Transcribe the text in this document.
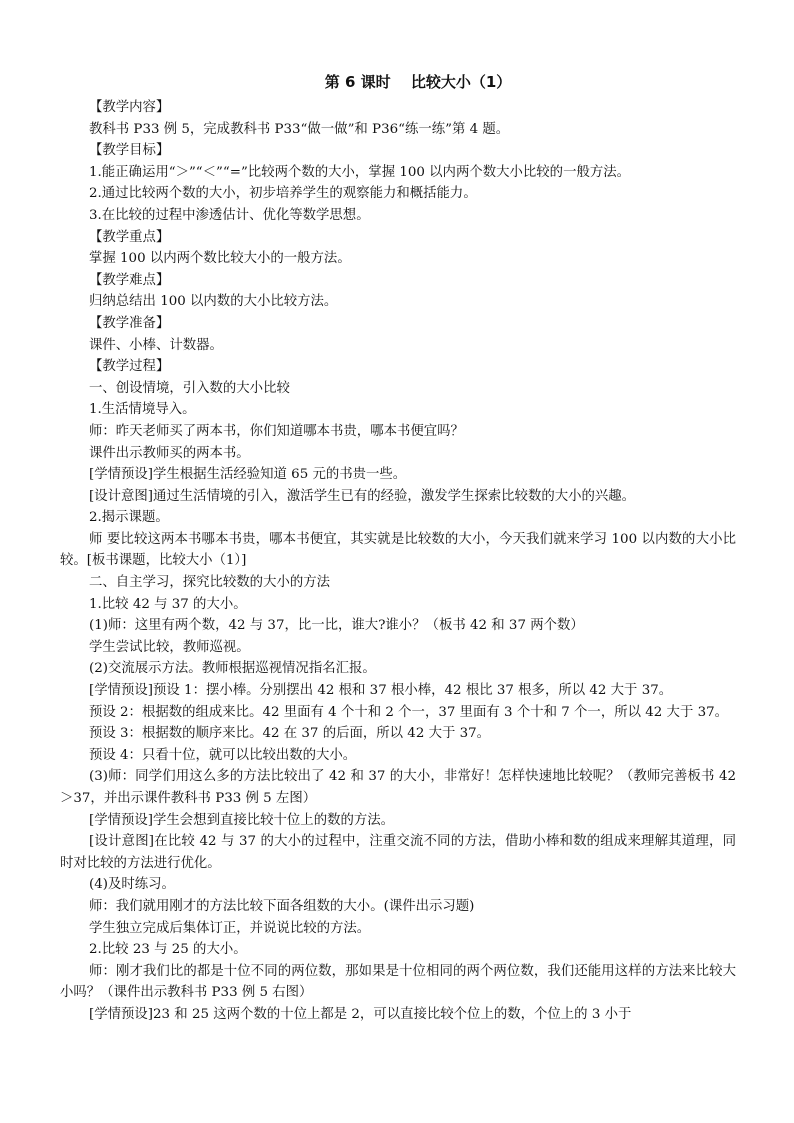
第 6 课时　 比较大小（1）

【教学内容】

教科书 P33 例 5，完成教科书 P33“做一做”和 P36“练一练”第 4 题。

【教学目标】

1.能正确运用“＞”“＜”“=”比较两个数的大小，掌握 100 以内两个数大小比较的一般方法。

2.通过比较两个数的大小，初步培养学生的观察能力和概括能力。

3.在比较的过程中渗透估计、优化等数学思想。

【教学重点】

掌握 100 以内两个数比较大小的一般方法。

【教学难点】

归纳总结出 100 以内数的大小比较方法。

【教学准备】

课件、小棒、计数器。

【教学过程】

一、创设情境，引入数的大小比较

1.生活情境导入。

师：昨天老师买了两本书，你们知道哪本书贵，哪本书便宜吗？

课件出示教师买的两本书。

[学情预设]学生根据生活经验知道 65 元的书贵一些。

[设计意图]通过生活情境的引入，激活学生已有的经验，激发学生探索比较数的大小的兴趣。

2.揭示课题。

师 要比较这两本书哪本书贵，哪本书便宜，其实就是比较数的大小，今天我们就来学习 100 以内数的大小比较。[板书课题，比较大小（1）]

二、自主学习，探究比较数的大小的方法

1.比较 42 与 37 的大小。

(1)师：这里有两个数，42 与 37，比一比，谁大?谁小？（板书 42 和 37 两个数）

学生尝试比较，教师巡视。

(2)交流展示方法。教师根据巡视情况指名汇报。

[学情预设]预设 1：摆小棒。分别摆出 42 根和 37 根小棒，42 根比 37 根多，所以 42 大于 37。

预设 2：根据数的组成来比。42 里面有 4 个十和 2 个一，37 里面有 3 个十和 7 个一，所以 42 大于 37。

预设 3：根据数的顺序来比。42 在 37 的后面，所以 42 大于 37。

预设 4：只看十位，就可以比较出数的大小。

(3)师：同学们用这么多的方法比较出了 42 和 37 的大小，非常好！怎样快速地比较呢？（教师完善板书 42＞37，并出示课件教科书 P33 例 5 左图）

[学情预设]学生会想到直接比较十位上的数的方法。

[设计意图]在比较 42 与 37 的大小的过程中，注重交流不同的方法，借助小棒和数的组成来理解其道理，同时对比较的方法进行优化。

(4)及时练习。

师：我们就用刚才的方法比较下面各组数的大小。(课件出示习题)

学生独立完成后集体订正，并说说比较的方法。

2.比较 23 与 25 的大小。

师：刚才我们比的都是十位不同的两位数，那如果是十位相同的两个两位数，我们还能用这样的方法来比较大小吗？（课件出示教科书 P33 例 5 右图）

[学情预设]23 和 25 这两个数的十位上都是 2，可以直接比较个位上的数，个位上的 3 小于
